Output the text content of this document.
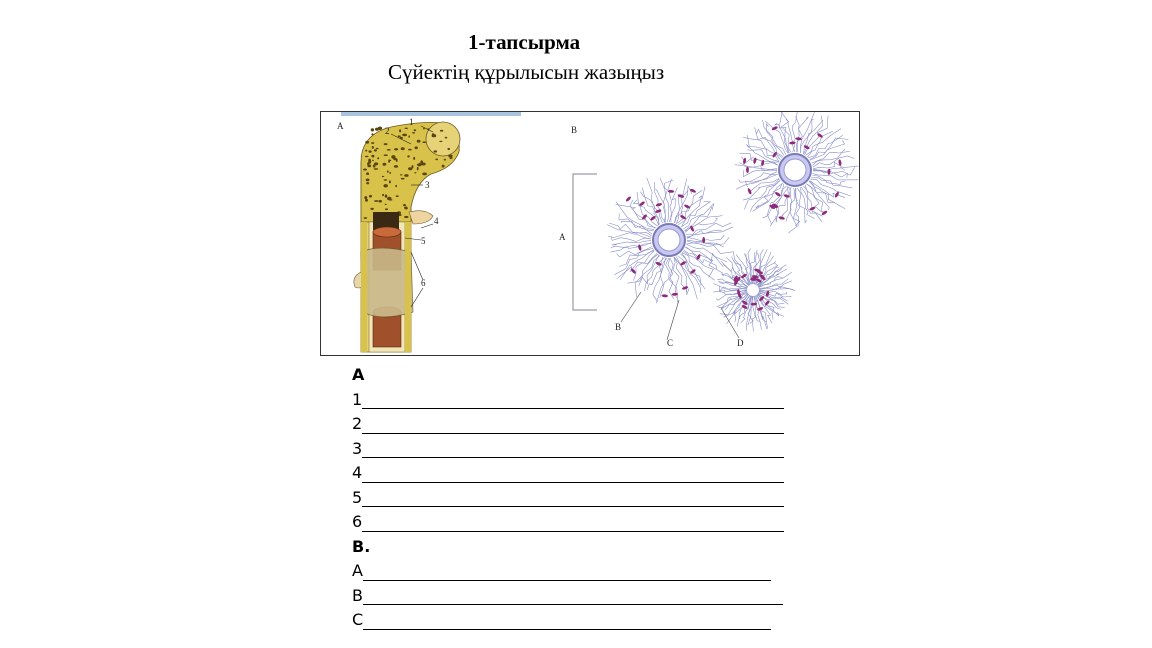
1-тапсырма
Сүйектің құрылысын жазыңыз
A	1
2
3
4
5
6
B
A
B
C	D
A
1
2
3
4
5
6
B.
A
B
C
